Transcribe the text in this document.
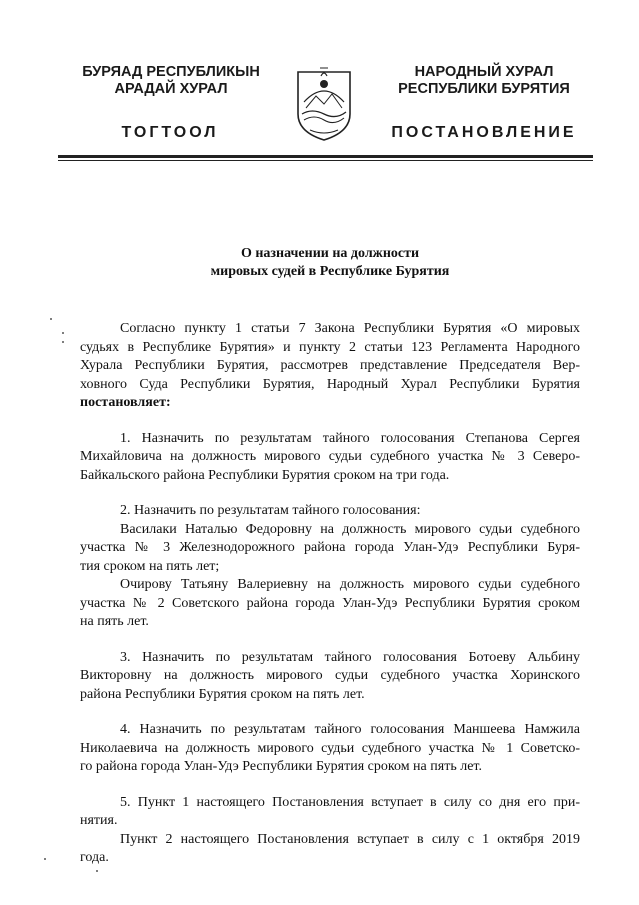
БУРЯАД РЕСПУБЛИКЫН
АРАДАЙ ХУРАЛ
ТОГТООЛ
НАРОДНЫЙ ХУРАЛ
РЕСПУБЛИКИ БУРЯТИЯ
ПОСТАНОВЛЕНИЕ
О назначении на должности
мировых судей в Республике Бурятия
Согласно пункту 1 статьи 7 Закона Республики Бурятия «О мировых
судьях в Республике Бурятия» и пункту 2 статьи 123 Регламента Народного
Хурала Республики Бурятия, рассмотрев представление Председателя Вер-
ховного Суда Республики Бурятия, Народный Хурал Республики Бурятия
постановляет:
1. Назначить по результатам тайного голосования Степанова Сергея
Михайловича на должность мирового судьи судебного участка № 3 Северо-
Байкальского района Республики Бурятия сроком на три года.
2. Назначить по результатам тайного голосования:
Василаки Наталью Федоровну на должность мирового судьи судебного
участка № 3 Железнодорожного района города Улан-Удэ Республики Буря-
тия сроком на пять лет;
Очирову Татьяну Валериевну на должность мирового судьи судебного
участка № 2 Советского района города Улан-Удэ Республики Бурятия сроком
на пять лет.
3. Назначить по результатам тайного голосования Ботоеву Альбину
Викторовну на должность мирового судьи судебного участка Хоринского
района Республики Бурятия сроком на пять лет.
4. Назначить по результатам тайного голосования Маншеева Намжила
Николаевича на должность мирового судьи судебного участка № 1 Советско-
го района города Улан-Удэ Республики Бурятия сроком на пять лет.
5. Пункт 1 настоящего Постановления вступает в силу со дня его при-
нятия.
Пункт 2 настоящего Постановления вступает в силу с 1 октября 2019
года.
